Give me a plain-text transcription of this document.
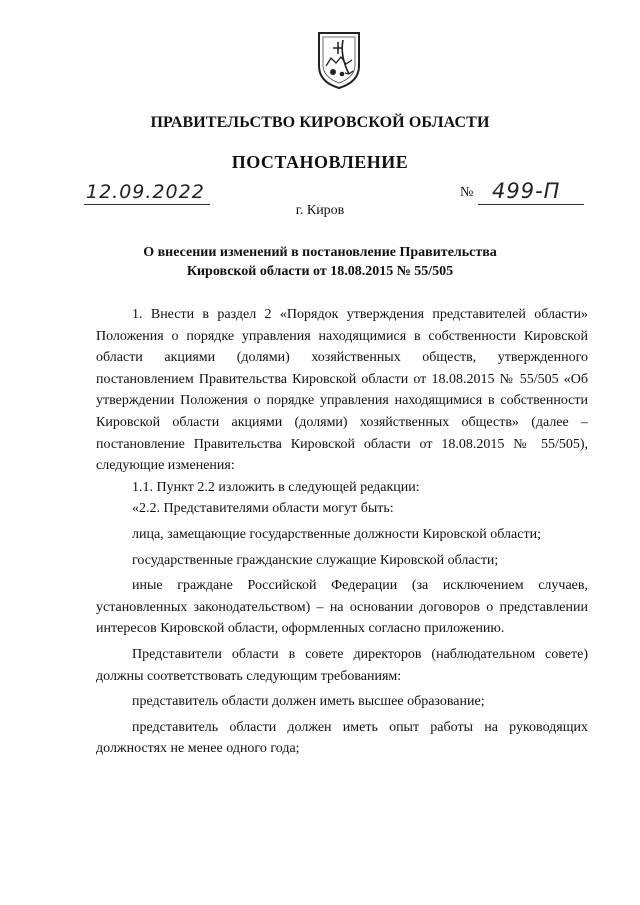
ПРАВИТЕЛЬСТВО КИРОВСКОЙ ОБЛАСТИ
ПОСТАНОВЛЕНИЕ
12.09.2022	№ 499-П
г. Киров
О внесении изменений в постановление Правительства
Кировской области от 18.08.2015 № 55/505

1. Внести в раздел 2 «Порядок утверждения представителей области» Положения о порядке управления находящимися в собственности Кировской области акциями (долями) хозяйственных обществ, утвержденного постановлением Правительства Кировской области от 18.08.2015 № 55/505 «Об утверждении Положения о порядке управления находящимися в собственности Кировской области акциями (долями) хозяйственных обществ» (далее – постановление Правительства Кировской области от 18.08.2015 № 55/505), следующие изменения:

1.1. Пункт 2.2 изложить в следующей редакции:

«2.2. Представителями области могут быть:

лица, замещающие государственные должности Кировской области;

государственные гражданские служащие Кировской области;

иные граждане Российской Федерации (за исключением случаев, установленных законодательством) – на основании договоров о представлении интересов Кировской области, оформленных согласно приложению.

Представители области в совете директоров (наблюдательном совете) должны соответствовать следующим требованиям:

представитель области должен иметь высшее образование;

представитель области должен иметь опыт работы на руководящих должностях не менее одного года;
